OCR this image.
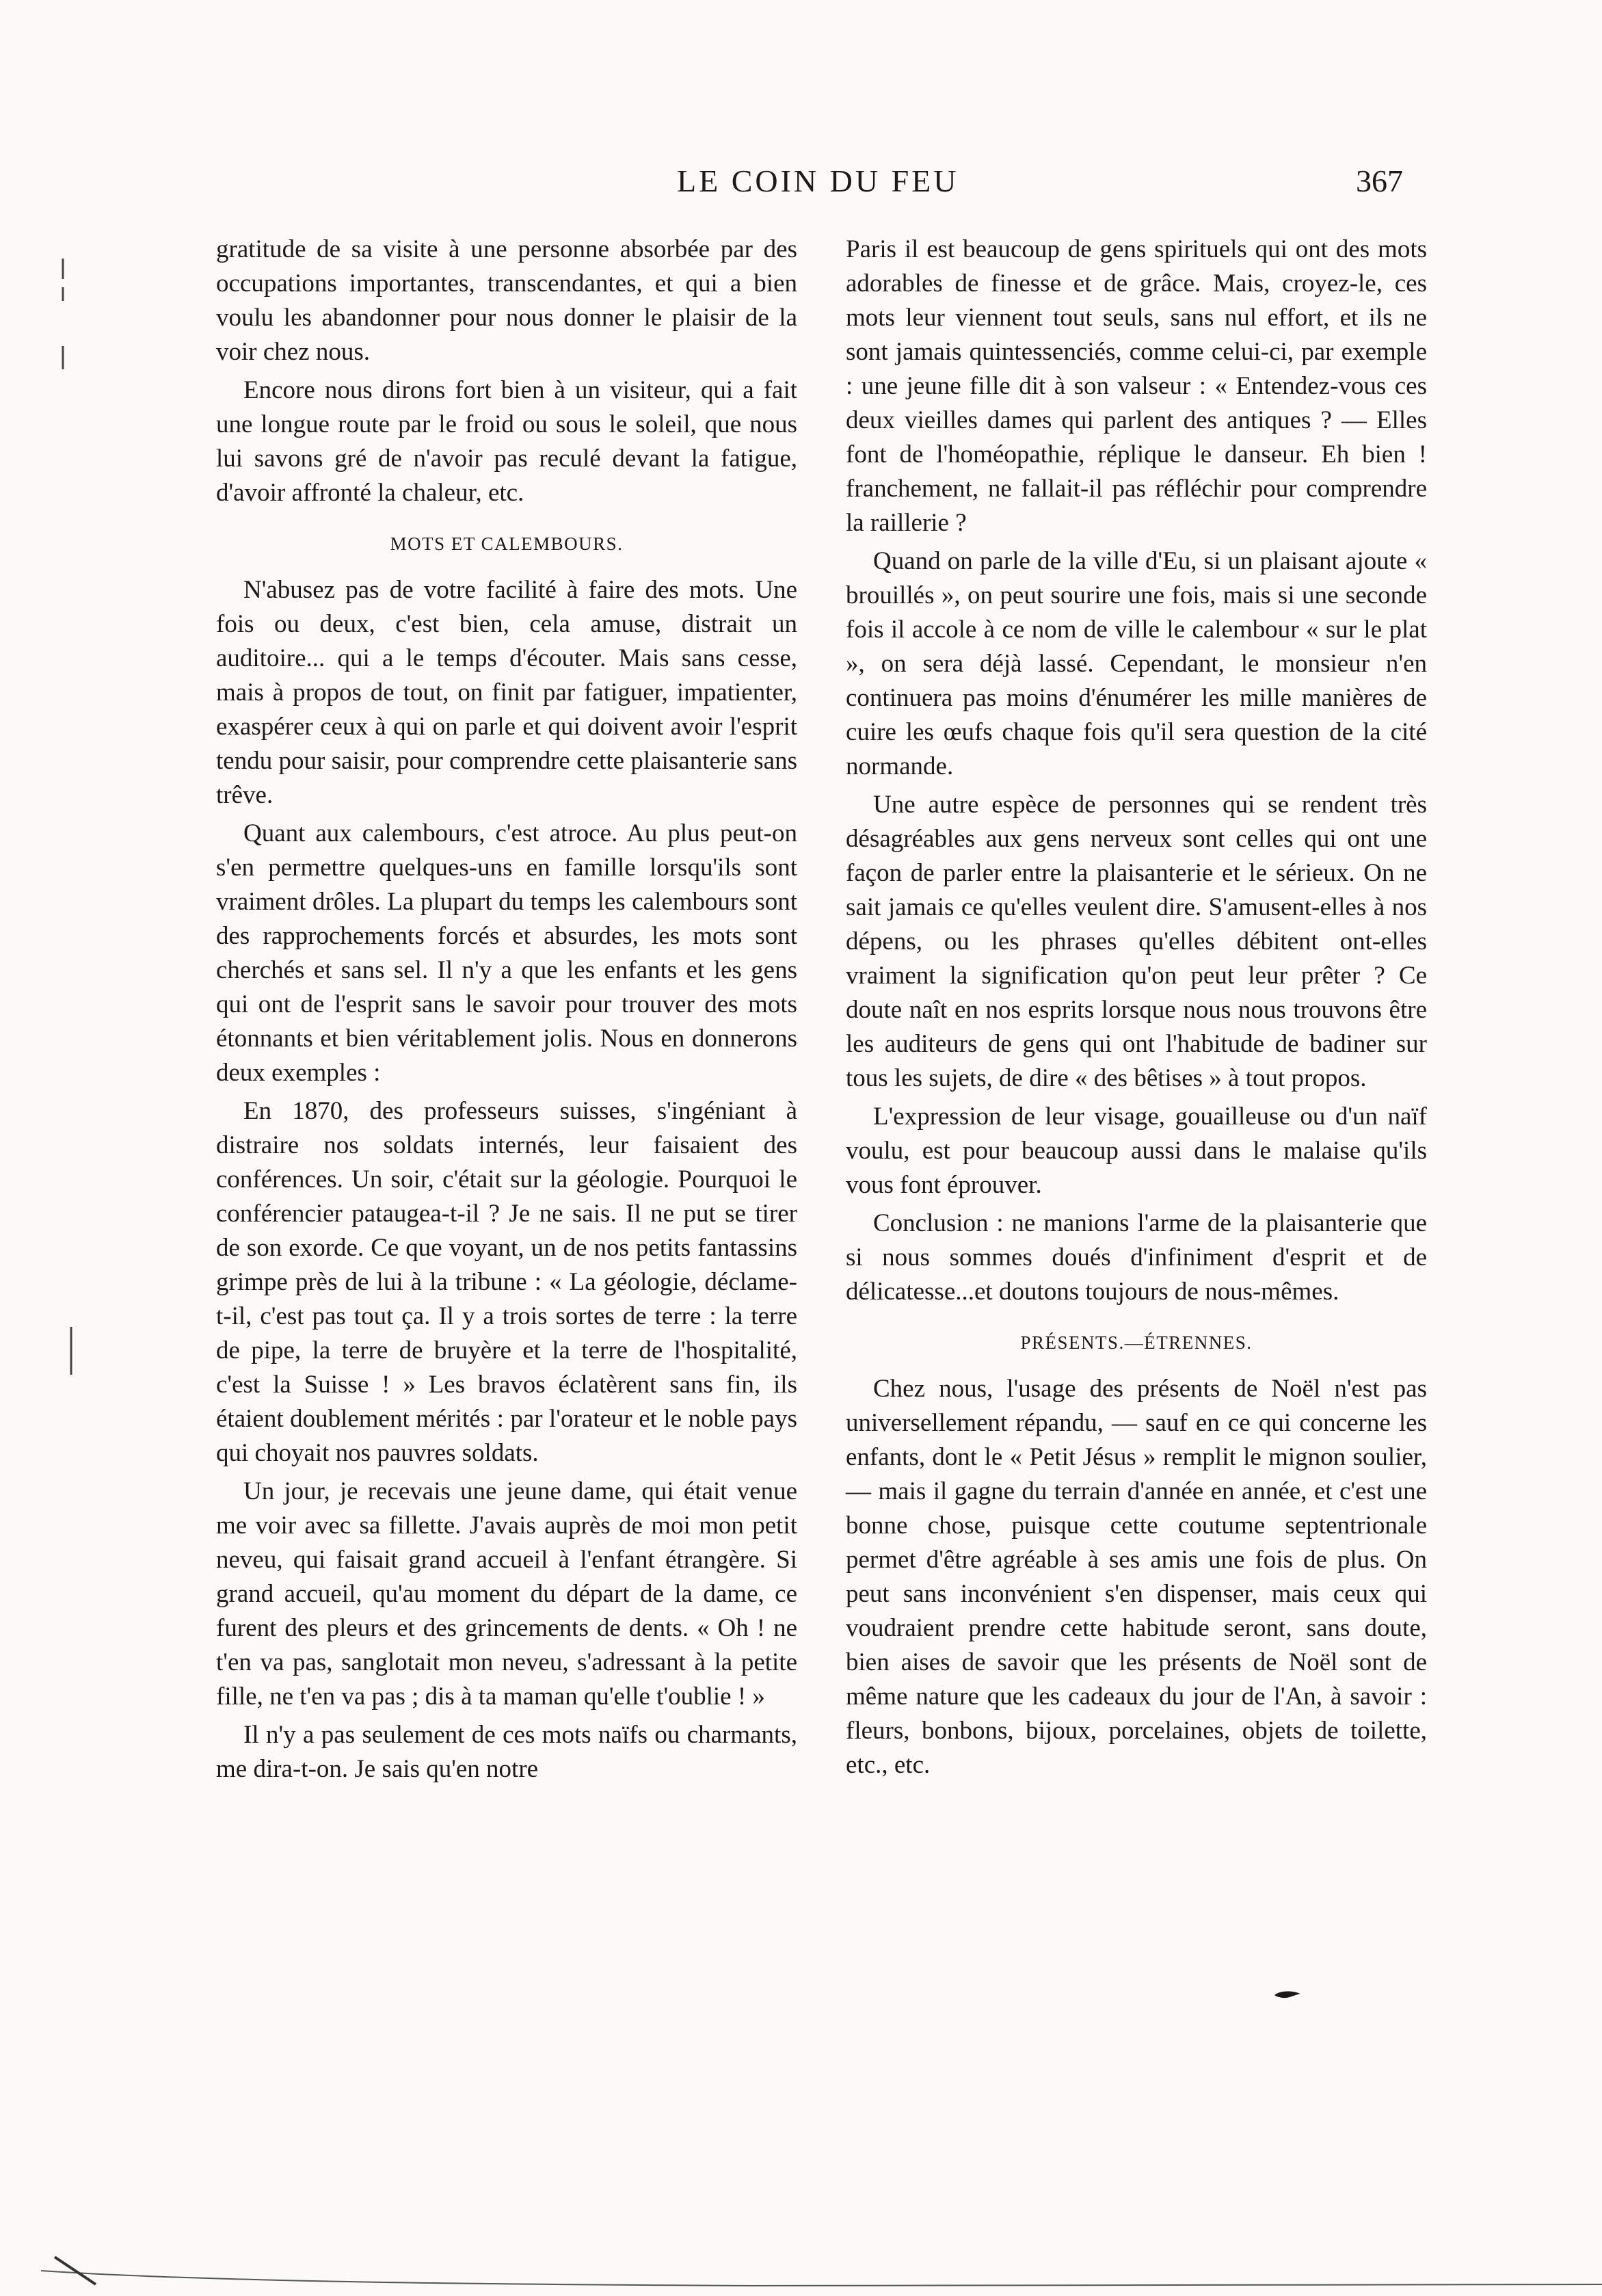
LE COIN DU FEU	367

gratitude de sa visite à une personne absorbée par des occupations importantes, transcendantes, et qui a bien voulu les abandonner pour nous donner le plaisir de la voir chez nous.

Encore nous dirons fort bien à un visiteur, qui a fait une longue route par le froid ou sous le soleil, que nous lui savons gré de n'avoir pas reculé devant la fatigue, d'avoir affronté la chaleur, etc.

MOTS ET CALEMBOURS.

N'abusez pas de votre facilité à faire des mots. Une fois ou deux, c'est bien, cela amuse, distrait un auditoire... qui a le temps d'écouter. Mais sans cesse, mais à propos de tout, on finit par fatiguer, impatienter, exaspérer ceux à qui on parle et qui doivent avoir l'esprit tendu pour saisir, pour comprendre cette plaisanterie sans trêve.

Quant aux calembours, c'est atroce. Au plus peut-on s'en permettre quelques-uns en famille lorsqu'ils sont vraiment drôles. La plupart du temps les calembours sont des rapprochements forcés et absurdes, les mots sont cherchés et sans sel. Il n'y a que les enfants et les gens qui ont de l'esprit sans le savoir pour trouver des mots étonnants et bien véritablement jolis. Nous en donnerons deux exemples :

En 1870, des professeurs suisses, s'ingéniant à distraire nos soldats internés, leur faisaient des conférences. Un soir, c'était sur la géologie. Pourquoi le conférencier pataugea-t-il ? Je ne sais. Il ne put se tirer de son exorde. Ce que voyant, un de nos petits fantassins grimpe près de lui à la tribune : « La géologie, déclame-t-il, c'est pas tout ça. Il y a trois sortes de terre : la terre de pipe, la terre de bruyère et la terre de l'hospitalité, c'est la Suisse ! » Les bravos éclatèrent sans fin, ils étaient doublement mérités : par l'orateur et le noble pays qui choyait nos pauvres soldats.

Un jour, je recevais une jeune dame, qui était venue me voir avec sa fillette. J'avais auprès de moi mon petit neveu, qui faisait grand accueil à l'enfant étrangère. Si grand accueil, qu'au moment du départ de la dame, ce furent des pleurs et des grincements de dents. « Oh ! ne t'en va pas, sanglotait mon neveu, s'adressant à la petite fille, ne t'en va pas ; dis à ta maman qu'elle t'oublie ! »

Il n'y a pas seulement de ces mots naïfs ou charmants, me dira-t-on. Je sais qu'en notre

Paris il est beaucoup de gens spirituels qui ont des mots adorables de finesse et de grâce. Mais, croyez-le, ces mots leur viennent tout seuls, sans nul effort, et ils ne sont jamais quintessenciés, comme celui-ci, par exemple : une jeune fille dit à son valseur : « Entendez-vous ces deux vieilles dames qui parlent des antiques ? — Elles font de l'homéopathie, réplique le danseur. Eh bien ! franchement, ne fallait-il pas réfléchir pour comprendre la raillerie ?

Quand on parle de la ville d'Eu, si un plaisant ajoute « brouillés », on peut sourire une fois, mais si une seconde fois il accole à ce nom de ville le calembour « sur le plat », on sera déjà lassé. Cependant, le monsieur n'en continuera pas moins d'énumérer les mille manières de cuire les œufs chaque fois qu'il sera question de la cité normande.

Une autre espèce de personnes qui se rendent très désagréables aux gens nerveux sont celles qui ont une façon de parler entre la plaisanterie et le sérieux. On ne sait jamais ce qu'elles veulent dire. S'amusent-elles à nos dépens, ou les phrases qu'elles débitent ont-elles vraiment la signification qu'on peut leur prêter ? Ce doute naît en nos esprits lorsque nous nous trouvons être les auditeurs de gens qui ont l'habitude de badiner sur tous les sujets, de dire « des bêtises » à tout propos.

L'expression de leur visage, gouailleuse ou d'un naïf voulu, est pour beaucoup aussi dans le malaise qu'ils vous font éprouver.

Conclusion : ne manions l'arme de la plaisanterie que si nous sommes doués d'infiniment d'esprit et de délicatesse...et doutons toujours de nous-mêmes.

PRÉSENTS.—ÉTRENNES.

Chez nous, l'usage des présents de Noël n'est pas universellement répandu, — sauf en ce qui concerne les enfants, dont le « Petit Jésus » remplit le mignon soulier, — mais il gagne du terrain d'année en année, et c'est une bonne chose, puisque cette coutume septentrionale permet d'être agréable à ses amis une fois de plus. On peut sans inconvénient s'en dispenser, mais ceux qui voudraient prendre cette habitude seront, sans doute, bien aises de savoir que les présents de Noël sont de même nature que les cadeaux du jour de l'An, à savoir : fleurs, bonbons, bijoux, porcelaines, objets de toilette, etc., etc.
